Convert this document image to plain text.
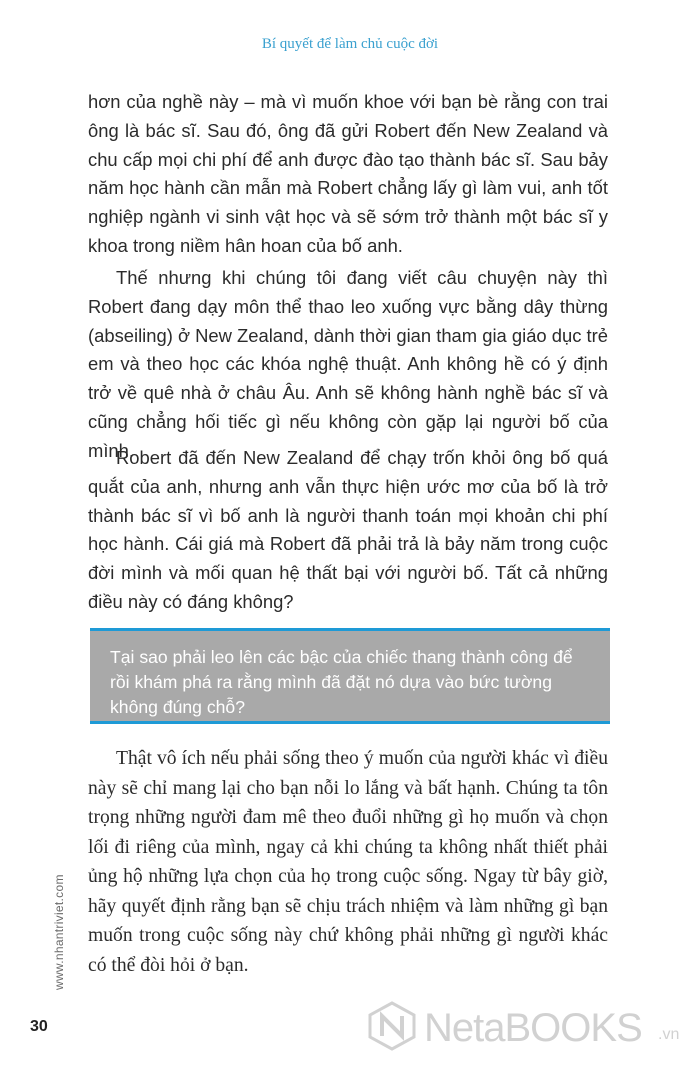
Bí quyết để làm chủ cuộc đời

hơn của nghề này – mà vì muốn khoe với bạn bè rằng con trai ông là bác sĩ. Sau đó, ông đã gửi Robert đến New Zealand và chu cấp mọi chi phí để anh được đào tạo thành bác sĩ. Sau bảy năm học hành cần mẫn mà Robert chẳng lấy gì làm vui, anh tốt nghiệp ngành vi sinh vật học và sẽ sớm trở thành một bác sĩ y khoa trong niềm hân hoan của bố anh.

Thế nhưng khi chúng tôi đang viết câu chuyện này thì Robert đang dạy môn thể thao leo xuống vực bằng dây thừng (abseiling) ở New Zealand, dành thời gian tham gia giáo dục trẻ em và theo học các khóa nghệ thuật. Anh không hề có ý định trở về quê nhà ở châu Âu. Anh sẽ không hành nghề bác sĩ và cũng chẳng hối tiếc gì nếu không còn gặp lại người bố của mình.

Robert đã đến New Zealand để chạy trốn khỏi ông bố quá quắt của anh, nhưng anh vẫn thực hiện ước mơ của bố là trở thành bác sĩ vì bố anh là người thanh toán mọi khoản chi phí học hành. Cái giá mà Robert đã phải trả là bảy năm trong cuộc đời mình và mối quan hệ thất bại với người bố. Tất cả những điều này có đáng không?

Tại sao phải leo lên các bậc của chiếc thang thành công để rồi khám phá ra rằng mình đã đặt nó dựa vào bức tường không đúng chỗ?

Thật vô ích nếu phải sống theo ý muốn của người khác vì điều này sẽ chỉ mang lại cho bạn nỗi lo lắng và bất hạnh. Chúng ta tôn trọng những người đam mê theo đuổi những gì họ muốn và chọn lối đi riêng của mình, ngay cả khi chúng ta không nhất thiết phải ủng hộ những lựa chọn của họ trong cuộc sống. Ngay từ bây giờ, hãy quyết định rằng bạn sẽ chịu trách nhiệm và làm những gì bạn muốn trong cuộc sống này chứ không phải những gì người khác có thể đòi hỏi ở bạn.

www.nhantriviet.com
30	NetaBOOKS .vn
